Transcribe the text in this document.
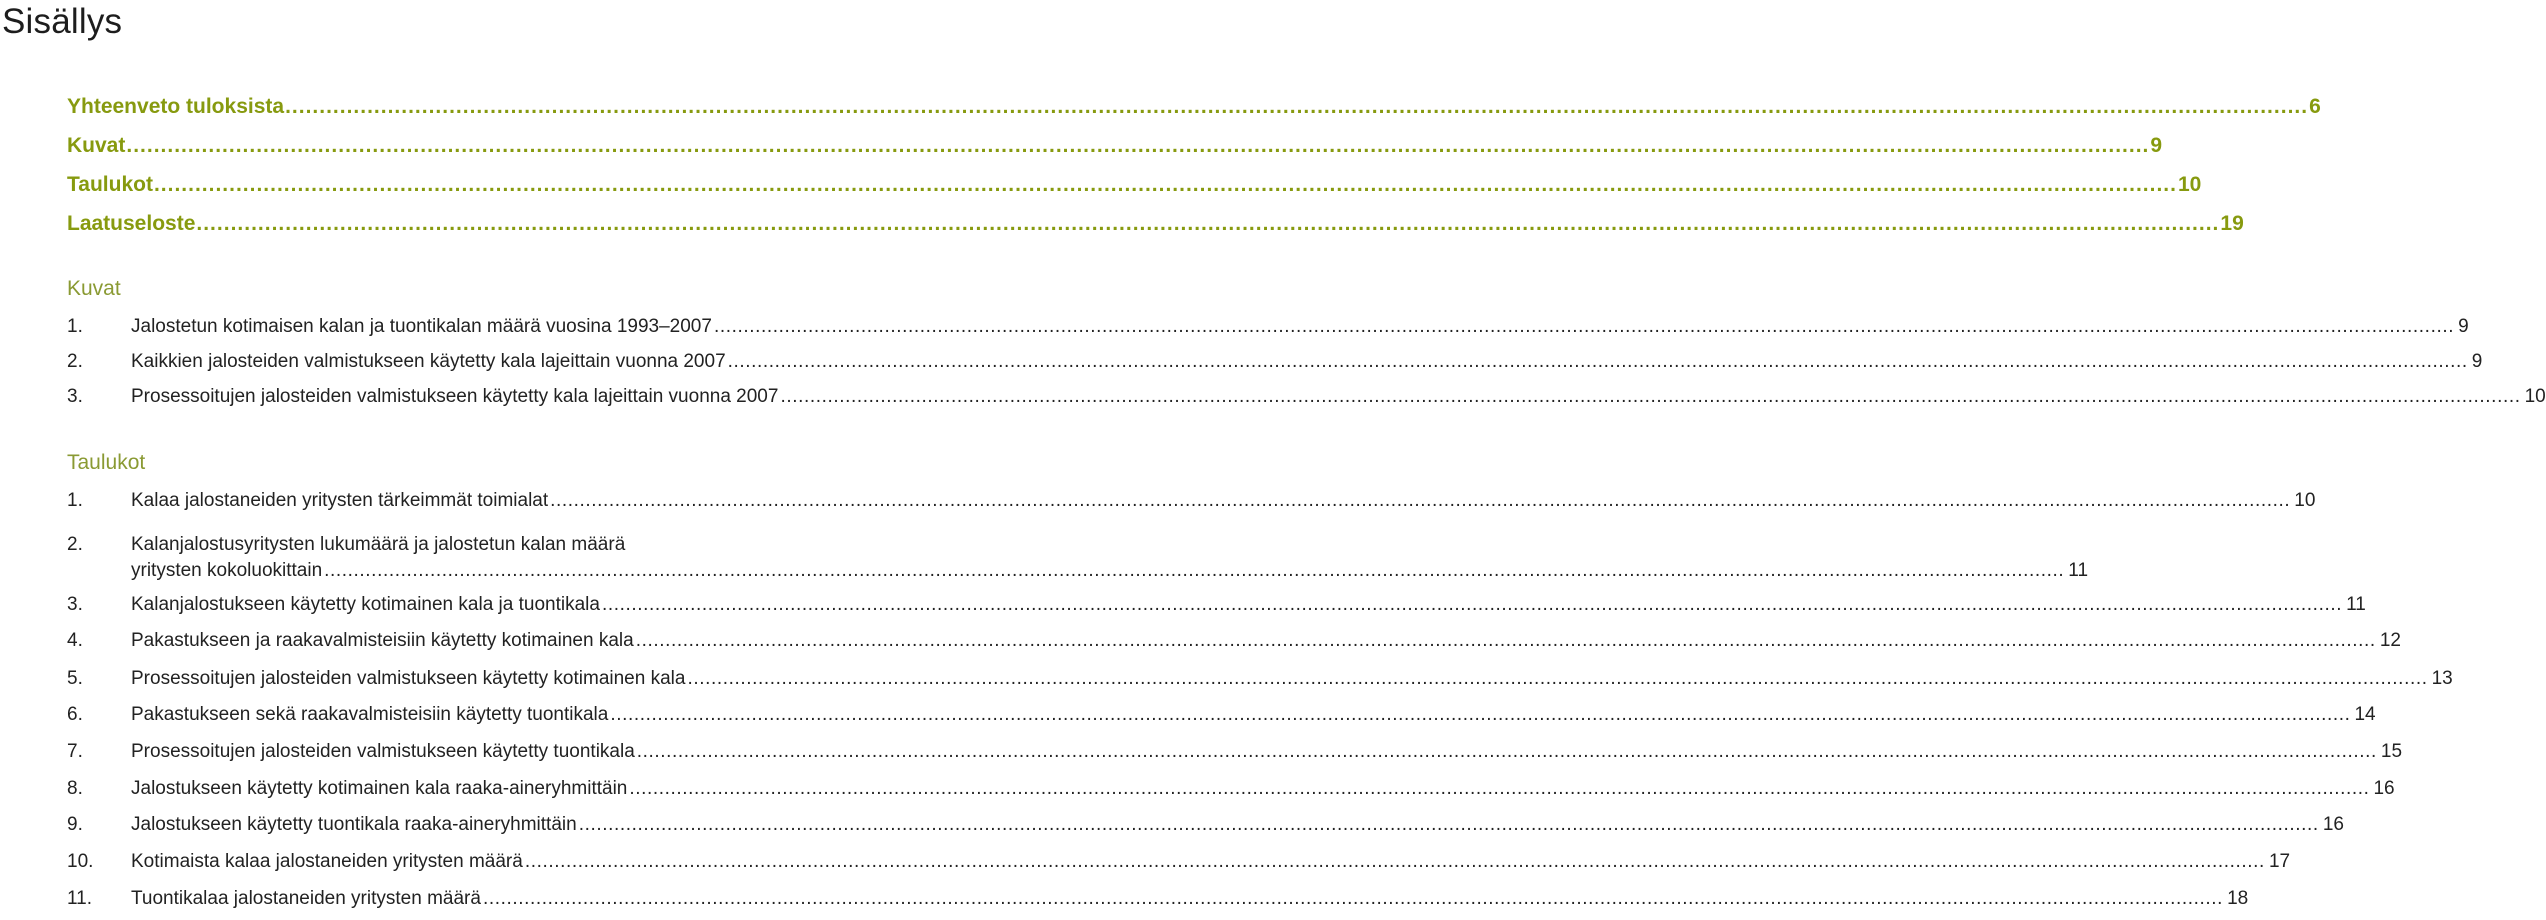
Sisällys
Yhteenveto tuloksista .....	6
Kuvat .....	9
Taulukot .....	10
Laatuseloste .....	19
Kuvat
1.	Jalostetun kotimaisen kalan ja tuontikalan määrä vuosina 1993–2007 .....	9
2.	Kaikkien jalosteiden valmistukseen käytetty kala lajeittain vuonna 2007 .....	9
3.	Prosessoitujen jalosteiden valmistukseen käytetty kala lajeittain vuonna 2007 .....	10
Taulukot
1.	Kalaa jalostaneiden yritysten tärkeimmät toimialat .....	10
2.	Kalanjalostusyritysten lukumäärä ja jalostetun kalan määrä
yritysten kokoluokittain .....	11
3.	Kalanjalostukseen käytetty kotimainen kala ja tuontikala .....	11
4.	Pakastukseen ja raakavalmisteisiin käytetty kotimainen kala .....	12
5.	Prosessoitujen jalosteiden valmistukseen käytetty kotimainen kala .....	13
6.	Pakastukseen sekä raakavalmisteisiin käytetty tuontikala .....	14
7.	Prosessoitujen jalosteiden valmistukseen käytetty tuontikala .....	15
8.	Jalostukseen käytetty kotimainen kala raaka-aineryhmittäin .....	16
9.	Jalostukseen käytetty tuontikala raaka-aineryhmittäin .....	16
10.	Kotimaista kalaa jalostaneiden yritysten määrä .....	17
11.	Tuontikalaa jalostaneiden yritysten määrä .....	18
